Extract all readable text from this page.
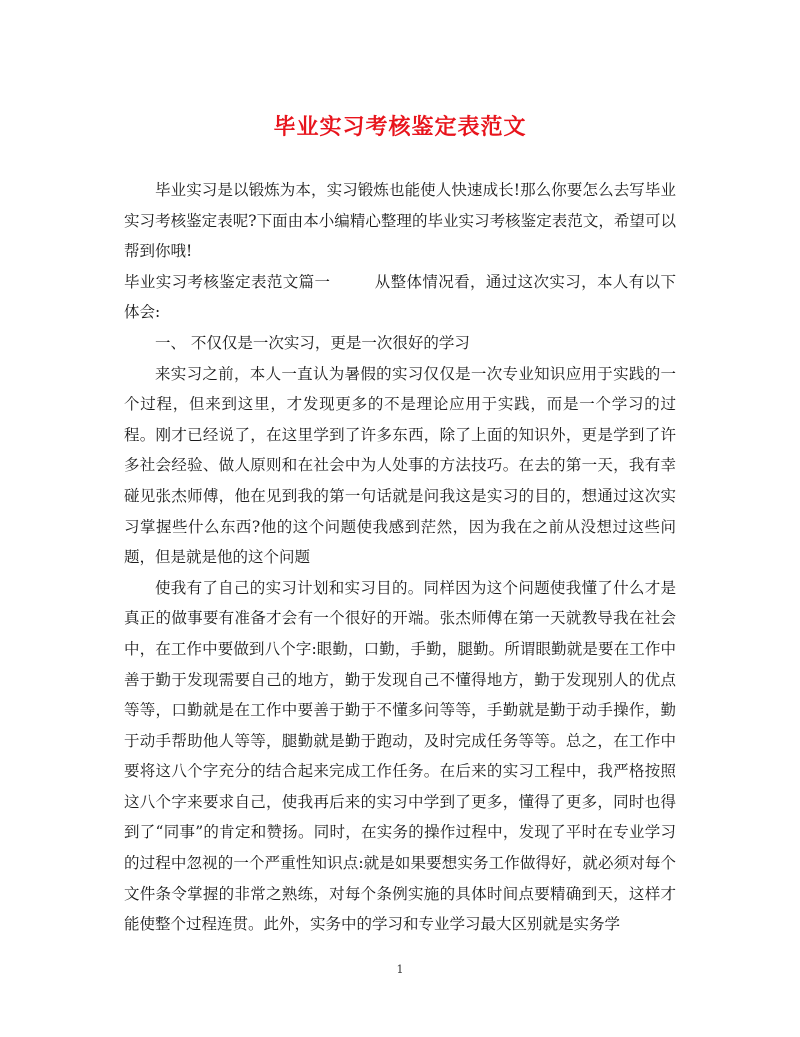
毕业实习考核鉴定表范文

毕业实习是以锻炼为本，实习锻炼也能使人快速成长!那么你要怎么去写毕业实习考核鉴定表呢?下面由本小编精心整理的毕业实习考核鉴定表范文，希望可以帮到你哦!

毕业实习考核鉴定表范文篇一	从整体情况看，通过这次实习，本人有以下体会:

一、 不仅仅是一次实习，更是一次很好的学习

来实习之前，本人一直认为暑假的实习仅仅是一次专业知识应用于实践的一个过程，但来到这里，才发现更多的不是理论应用于实践，而是一个学习的过程。刚才已经说了，在这里学到了许多东西，除了上面的知识外，更是学到了许多社会经验、做人原则和在社会中为人处事的方法技巧。在去的第一天，我有幸碰见张杰师傅，他在见到我的第一句话就是问我这是实习的目的，想通过这次实习掌握些什么东西?他的这个问题使我感到茫然，因为我在之前从没想过这些问题，但是就是他的这个问题

使我有了自己的实习计划和实习目的。同样因为这个问题使我懂了什么才是真正的做事要有准备才会有一个很好的开端。张杰师傅在第一天就教导我在社会中，在工作中要做到八个字:眼勤，口勤，手勤，腿勤。所谓眼勤就是要在工作中善于勤于发现需要自己的地方，勤于发现自己不懂得地方，勤于发现别人的优点等等，口勤就是在工作中要善于勤于不懂多问等等，手勤就是勤于动手操作，勤于动手帮助他人等等，腿勤就是勤于跑动，及时完成任务等等。总之，在工作中要将这八个字充分的结合起来完成工作任务。在后来的实习工程中，我严格按照这八个字来要求自己，使我再后来的实习中学到了更多，懂得了更多，同时也得到了“同事”的肯定和赞扬。同时，在实务的操作过程中，发现了平时在专业学习的过程中忽视的一个严重性知识点:就是如果要想实务工作做得好，就必须对每个文件条令掌握的非常之熟练，对每个条例实施的具体时间点要精确到天，这样才能使整个过程连贯。此外，实务中的学习和专业学习最大区别就是实务学

1
